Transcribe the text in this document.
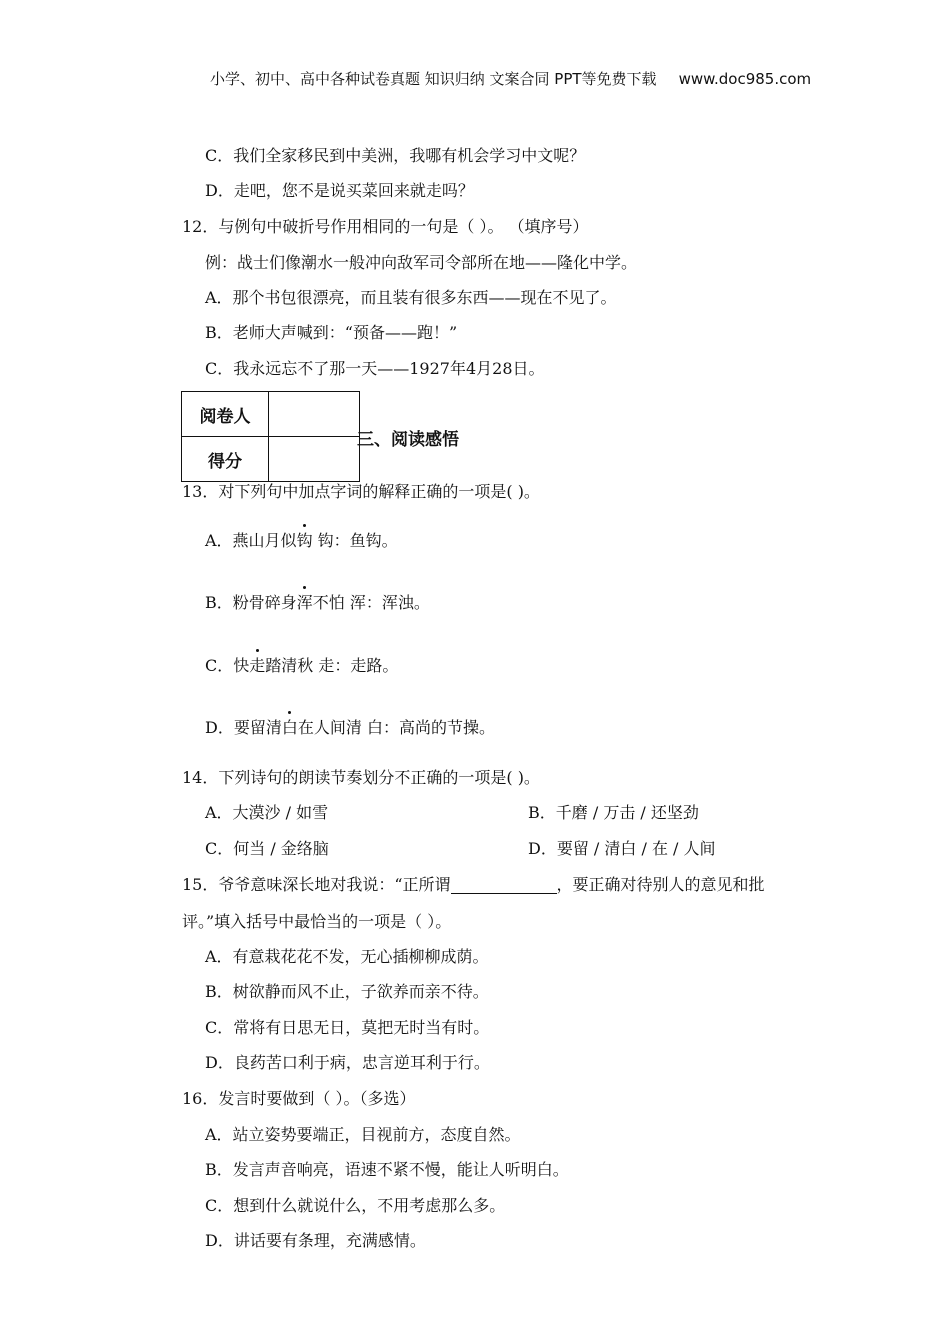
小学、初中、高中各种试卷真题 知识归纳 文案合同 PPT等免费下载 www.doc985.com
C．我们全家移民到中美洲，我哪有机会学习中文呢？
D．走吧，您不是说买菜回来就走吗？
12．与例句中破折号作用相同的一句是（ ）。 （填序号）
例：战士们像潮水一般冲向敌军司令部所在地——隆化中学。
A．那个书包很漂亮，而且装有很多东西——现在不见了。
B．老师大声喊到：“预备——跑！”
C．我永远忘不了那一天——1927年4月28日。
阅卷人	
得分	
三、阅读感悟
13．对下列句中加点字词的解释正确的一项是( )。
A．燕山月似钩 钩：鱼钩。
B．粉骨碎身浑不怕 浑：浑浊。
C．快走踏清秋 走：走路。
D．要留清白在人间清 白：高尚的节操。
14．下列诗句的朗读节奏划分不正确的一项是( )。
A．大漠沙 / 如雪	B．千磨 / 万击 / 还坚劲
C．何当 / 金络脑	D．要留 / 清白 / 在 / 人间
15．爷爷意味深长地对我说：“正所谓	，要正确对待别人的意见和批
评。”填入括号中最恰当的一项是（ ）。
A．有意栽花花不发，无心插柳柳成荫。
B．树欲静而风不止，子欲养而亲不待。
C．常将有日思无日，莫把无时当有时。
D．良药苦口利于病，忠言逆耳利于行。
16．发言时要做到（ ）。（多选）
A．站立姿势要端正，目视前方，态度自然。
B．发言声音响亮，语速不紧不慢，能让人听明白。
C．想到什么就说什么，不用考虑那么多。
D．讲话要有条理，充满感情。
